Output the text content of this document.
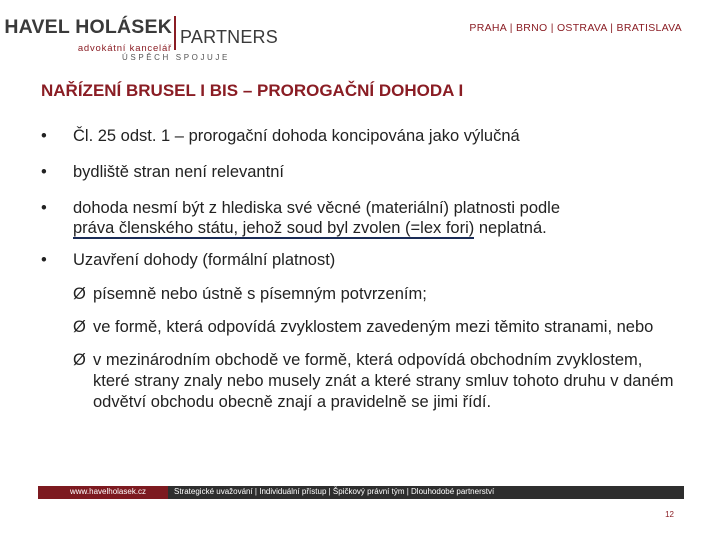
HAVEL HOLÁSEK
advokátní kancelář
PARTNERS
ÚSPĚCH SPOJUJE
PRAHA | BRNO | OSTRAVA | BRATISLAVA
NAŘÍZENÍ BRUSEL I BIS – PROROGAČNÍ DOHODA I
• Čl. 25 odst. 1 – prorogační dohoda koncipována jako výlučná
• bydliště stran není relevantní
• dohoda nesmí být z hlediska své věcné (materiální) platnosti podle
práva členského státu, jehož soud byl zvolen (=lex fori) neplatná.
• Uzavření dohody (formální platnost)
Ø písemně nebo ústně s písemným potvrzením;
Ø ve formě, která odpovídá zvyklostem zavedeným mezi těmito stranami, nebo
Ø v mezinárodním obchodě ve formě, která odpovídá obchodním zvyklostem, které strany znaly nebo musely znát a které strany smluv tohoto druhu v daném odvětví obchodu obecně znají a pravidelně se jimi řídí.
www.havelholasek.cz	Strategické uvažování | Individuální přístup | Špičkový právní tým | Dlouhodobé partnerství
12
